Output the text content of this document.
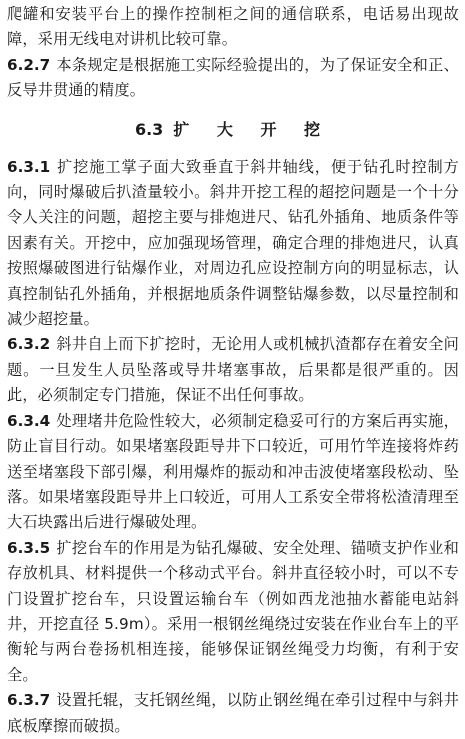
爬罐和安装平台上的操作控制柜之间的通信联系，电话易出现故障，采用无线电对讲机比较可靠。

6.2.7 本条规定是根据施工实际经验提出的，为了保证安全和正、反导井贯通的精度。

6.3 扩 大 开 挖

6.3.1 扩挖施工掌子面大致垂直于斜井轴线，便于钻孔时控制方向，同时爆破后扒渣量较小。斜井开挖工程的超挖问题是一个十分令人关注的问题，超挖主要与排炮进尺、钻孔外插角、地质条件等因素有关。开挖中，应加强现场管理，确定合理的排炮进尺，认真按照爆破图进行钻爆作业，对周边孔应设控制方向的明显标志，认真控制钻孔外插角，并根据地质条件调整钻爆参数，以尽量控制和减少超挖量。

6.3.2 斜井自上而下扩挖时，无论用人或机械扒渣都存在着安全问题。一旦发生人员坠落或导井堵塞事故，后果都是很严重的。因此，必须制定专门措施，保证不出任何事故。

6.3.4 处理堵井危险性较大，必须制定稳妥可行的方案后再实施，防止盲目行动。如果堵塞段距导井下口较近，可用竹竿连接将炸药送至堵塞段下部引爆，利用爆炸的振动和冲击波使堵塞段松动、坠落。如果堵塞段距导井上口较近，可用人工系安全带将松渣清理至大石块露出后进行爆破处理。

6.3.5 扩挖台车的作用是为钻孔爆破、安全处理、锚喷支护作业和存放机具、材料提供一个移动式平台。斜井直径较小时，可以不专门设置扩挖台车，只设置运输台车（例如西龙池抽水蓄能电站斜井，开挖直径 5.9m）。采用一根钢丝绳绕过安装在作业台车上的平衡轮与两台卷扬机相连接，能够保证钢丝绳受力均衡，有利于安全。

6.3.7 设置托辊，支托钢丝绳，以防止钢丝绳在牵引过程中与斜井底板摩擦而破损。
